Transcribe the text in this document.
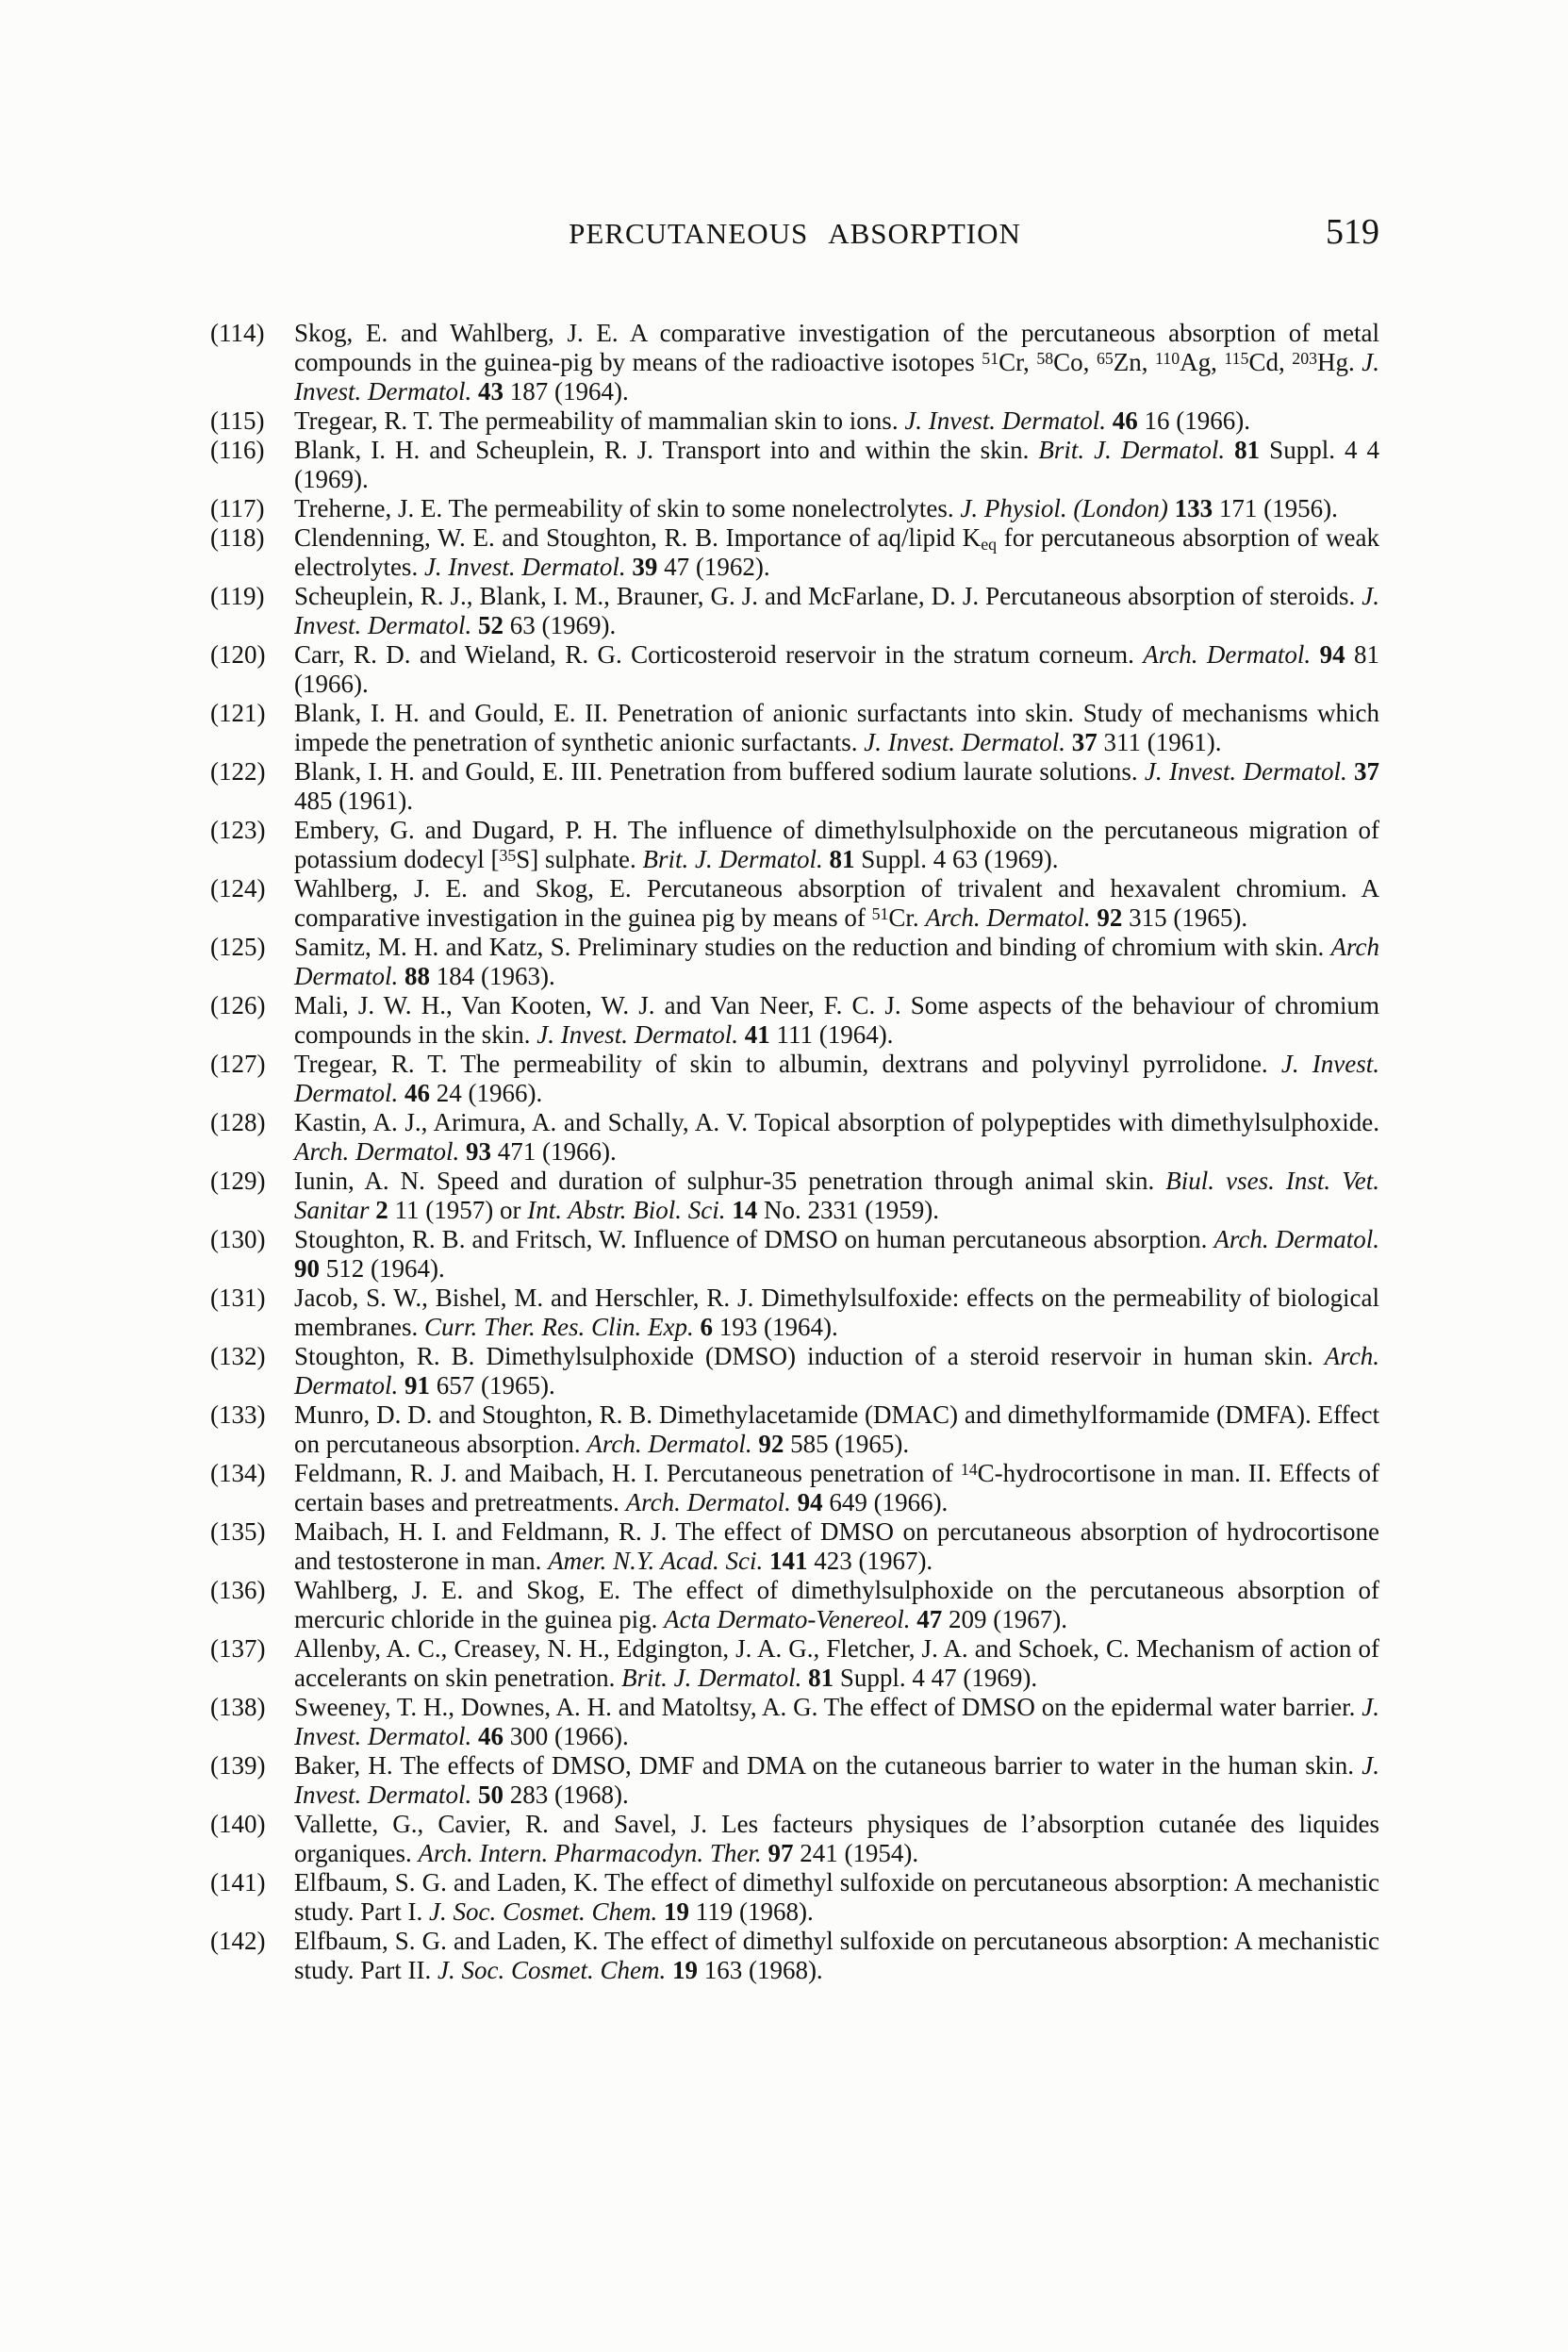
PERCUTANEOUS ABSORPTION	519
(114)	Skog, E. and Wahlberg, J. E. A comparative investigation of the percutaneous absorption of metal compounds in the guinea-pig by means of the radioactive isotopes $^{51}$Cr, $^{58}$Co, $^{65}$Zn, $^{110}$Ag, $^{115}$Cd, $^{203}$Hg. J. Invest. Dermatol. 43 187 (1964).
(115)	Tregear, R. T. The permeability of mammalian skin to ions. J. Invest. Dermatol. 46 16 (1966).
(116)	Blank, I. H. and Scheuplein, R. J. Transport into and within the skin. Brit. J. Dermatol. 81 Suppl. 4 4 (1969).
(117)	Treherne, J. E. The permeability of skin to some nonelectrolytes. J. Physiol. (London) 133 171 (1956).
(118)	Clendenning, W. E. and Stoughton, R. B. Importance of aq/lipid Keq for percutaneous absorption of weak electrolytes. J. Invest. Dermatol. 39 47 (1962).
(119)	Scheuplein, R. J., Blank, I. M., Brauner, G. J. and McFarlane, D. J. Percutaneous absorption of steroids. J. Invest. Dermatol. 52 63 (1969).
(120)	Carr, R. D. and Wieland, R. G. Corticosteroid reservoir in the stratum corneum. Arch. Dermatol. 94 81 (1966).
(121)	Blank, I. H. and Gould, E. II. Penetration of anionic surfactants into skin. Study of mechanisms which impede the penetration of synthetic anionic surfactants. J. Invest. Dermatol. 37 311 (1961).
(122)	Blank, I. H. and Gould, E. III. Penetration from buffered sodium laurate solutions. J. Invest. Dermatol. 37 485 (1961).
(123)	Embery, G. and Dugard, P. H. The influence of dimethylsulphoxide on the percutaneous migration of potassium dodecyl [$^{35}$S] sulphate. Brit. J. Dermatol. 81 Suppl. 4 63 (1969).
(124)	Wahlberg, J. E. and Skog, E. Percutaneous absorption of trivalent and hexavalent chromium. A comparative investigation in the guinea pig by means of $^{51}$Cr. Arch. Dermatol. 92 315 (1965).
(125)	Samitz, M. H. and Katz, S. Preliminary studies on the reduction and binding of chromium with skin. Arch Dermatol. 88 184 (1963).
(126)	Mali, J. W. H., Van Kooten, W. J. and Van Neer, F. C. J. Some aspects of the behaviour of chromium compounds in the skin. J. Invest. Dermatol. 41 111 (1964).
(127)	Tregear, R. T. The permeability of skin to albumin, dextrans and polyvinyl pyrrolidone. J. Invest. Dermatol. 46 24 (1966).
(128)	Kastin, A. J., Arimura, A. and Schally, A. V. Topical absorption of polypeptides with dimethylsulphoxide. Arch. Dermatol. 93 471 (1966).
(129)	Iunin, A. N. Speed and duration of sulphur-35 penetration through animal skin. Biul. vses. Inst. Vet. Sanitar 2 11 (1957) or Int. Abstr. Biol. Sci. 14 No. 2331 (1959).
(130)	Stoughton, R. B. and Fritsch, W. Influence of DMSO on human percutaneous absorption. Arch. Dermatol. 90 512 (1964).
(131)	Jacob, S. W., Bishel, M. and Herschler, R. J. Dimethylsulfoxide: effects on the permeability of biological membranes. Curr. Ther. Res. Clin. Exp. 6 193 (1964).
(132)	Stoughton, R. B. Dimethylsulphoxide (DMSO) induction of a steroid reservoir in human skin. Arch. Dermatol. 91 657 (1965).
(133)	Munro, D. D. and Stoughton, R. B. Dimethylacetamide (DMAC) and dimethylformamide (DMFA). Effect on percutaneous absorption. Arch. Dermatol. 92 585 (1965).
(134)	Feldmann, R. J. and Maibach, H. I. Percutaneous penetration of $^{14}$C-hydrocortisone in man. II. Effects of certain bases and pretreatments. Arch. Dermatol. 94 649 (1966).
(135)	Maibach, H. I. and Feldmann, R. J. The effect of DMSO on percutaneous absorption of hydrocortisone and testosterone in man. Amer. N.Y. Acad. Sci. 141 423 (1967).
(136)	Wahlberg, J. E. and Skog, E. The effect of dimethylsulphoxide on the percutaneous absorption of mercuric chloride in the guinea pig. Acta Dermato-Venereol. 47 209 (1967).
(137)	Allenby, A. C., Creasey, N. H., Edgington, J. A. G., Fletcher, J. A. and Schoek, C. Mechanism of action of accelerants on skin penetration. Brit. J. Dermatol. 81 Suppl. 4 47 (1969).
(138)	Sweeney, T. H., Downes, A. H. and Matoltsy, A. G. The effect of DMSO on the epidermal water barrier. J. Invest. Dermatol. 46 300 (1966).
(139)	Baker, H. The effects of DMSO, DMF and DMA on the cutaneous barrier to water in the human skin. J. Invest. Dermatol. 50 283 (1968).
(140)	Vallette, G., Cavier, R. and Savel, J. Les facteurs physiques de l’absorption cutanée des liquides organiques. Arch. Intern. Pharmacodyn. Ther. 97 241 (1954).
(141)	Elfbaum, S. G. and Laden, K. The effect of dimethyl sulfoxide on percutaneous absorption: A mechanistic study. Part I. J. Soc. Cosmet. Chem. 19 119 (1968).
(142)	Elfbaum, S. G. and Laden, K. The effect of dimethyl sulfoxide on percutaneous absorption: A mechanistic study. Part II. J. Soc. Cosmet. Chem. 19 163 (1968).
